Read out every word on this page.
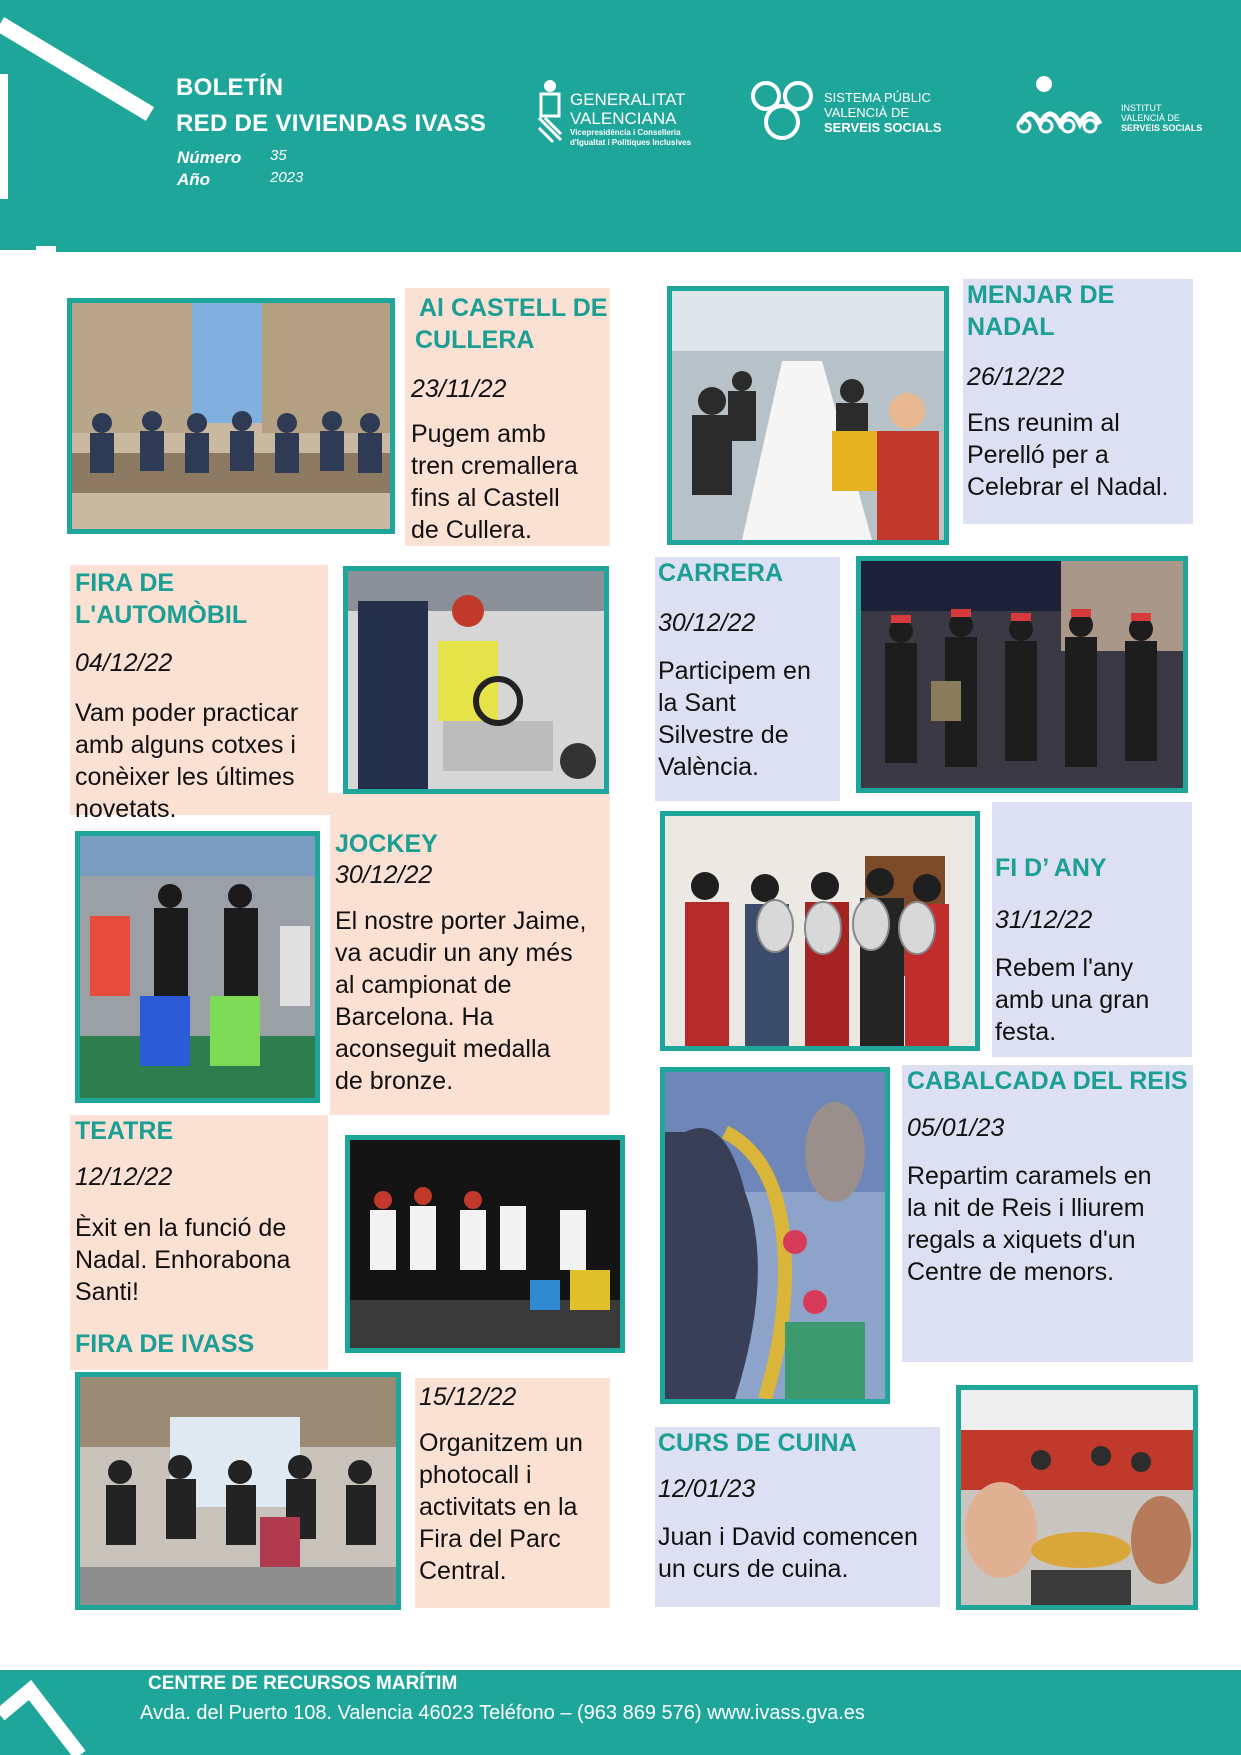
BOLETÍN
RED DE VIVIENDAS IVASS
Número 35
Año	2023
GENERALITAT
VALENCIANA
Vicepresidència i Conselleria
d'Igualtat i Polítiques Inclusives
SISTEMA PÚBLIC
VALENCIÀ DE
SERVEIS SOCIALS
INSTITUT
VALENCIÀ DE
SERVEIS SOCIALS
Al CASTELL DE
CULLERA
23/11/22
Pugem amb
tren cremallera
fins al Castell
de Cullera.
FIRA DE
L'AUTOMÒBIL
04/12/22
Vam poder practicar
amb alguns cotxes i
conèixer les últimes
novetats.
JOCKEY
30/12/22
El nostre porter Jaime,
va acudir un any més
al campionat de
Barcelona. Ha
aconseguit medalla
de bronze.
TEATRE
12/12/22
Èxit en la funció de
Nadal. Enhorabona
Santi!
FIRA DE IVASS
15/12/22
Organitzem un
photocall i
activitats en la
Fira del Parc
Central.
MENJAR DE
NADAL
26/12/22
Ens reunim al
Perelló per a
Celebrar el Nadal.
CARRERA
30/12/22
Participem en
la Sant
Silvestre de
València.
FI D’ ANY
31/12/22
Rebem l'any
amb una gran
festa.
CABALCADA DEL REIS
05/01/23
Repartim caramels en
la nit de Reis i lliurem
regals a xiquets d'un
Centre de menors.
CURS DE CUINA
12/01/23
Juan i David comencen
un curs de cuina.
CENTRE DE RECURSOS MARÍTIM
Avda. del Puerto 108. Valencia 46023 Teléfono – (963 869 576) www.ivass.gva.es
